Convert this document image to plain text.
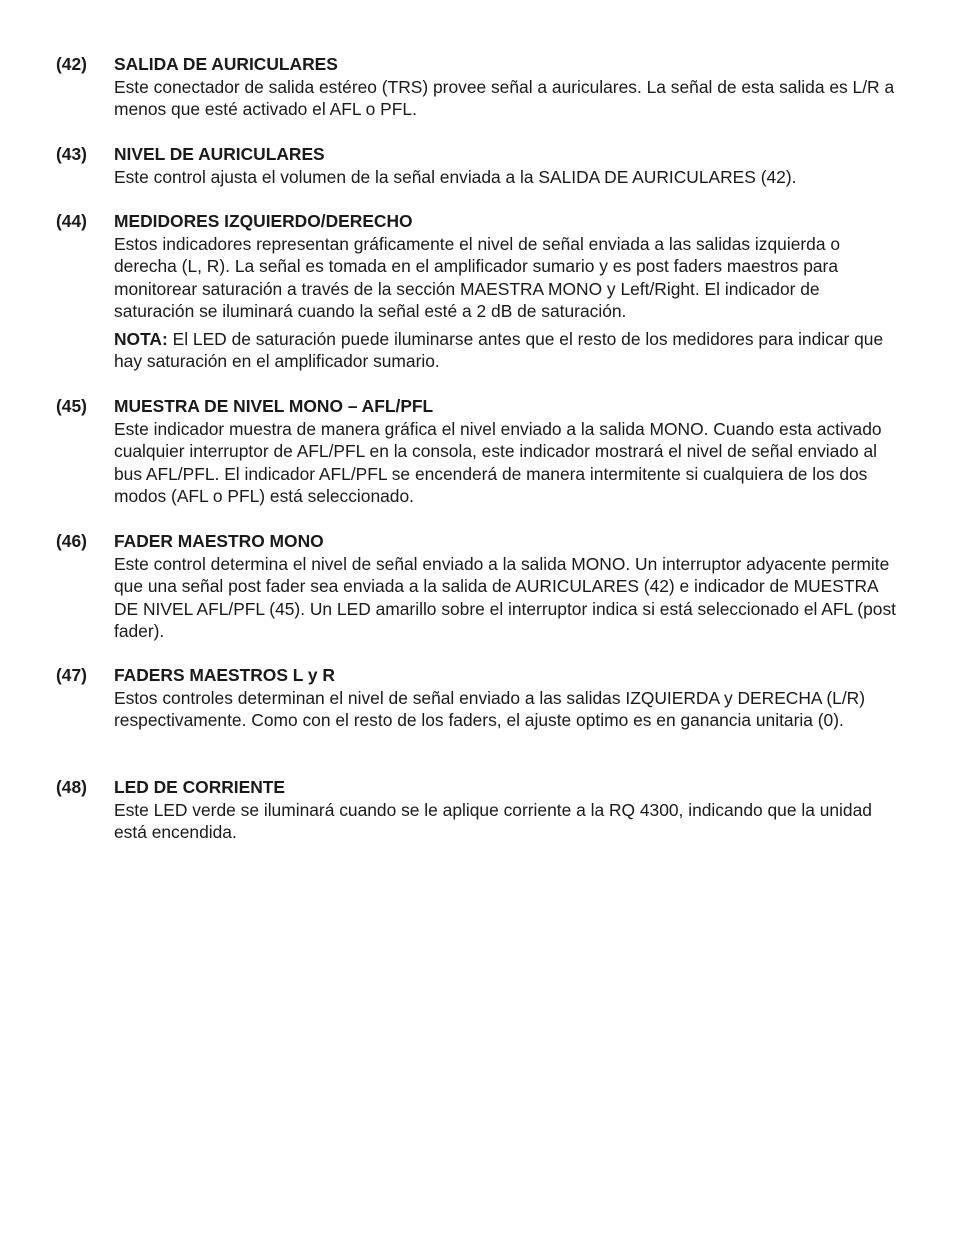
(42) SALIDA DE AURICULARES

Este conectador de salida estéreo (TRS) provee señal a auriculares. La señal de esta salida es L/R a menos que esté activado el AFL o PFL.

(43) NIVEL DE AURICULARES

Este control ajusta el volumen de la señal enviada a la SALIDA DE AURICULARES (42).

(44) MEDIDORES IZQUIERDO/DERECHO

Estos indicadores representan gráficamente el nivel de señal enviada a las salidas izquierda o derecha (L, R). La señal es tomada en el amplificador sumario y es post faders maestros para monitorear saturación a través de la sección MAESTRA MONO y Left/Right. El indicador de saturación se iluminará cuando la señal esté a 2 dB de saturación.

NOTA: El LED de saturación puede iluminarse antes que el resto de los medidores para indicar que hay saturación en el amplificador sumario.

(45) MUESTRA DE NIVEL MONO – AFL/PFL

Este indicador muestra de manera gráfica el nivel enviado a la salida MONO. Cuando esta activado cualquier interruptor de AFL/PFL en la consola, este indicador mostrará el nivel de señal enviado al bus AFL/PFL. El indicador AFL/PFL se encenderá de manera intermitente si cualquiera de los dos modos (AFL o PFL) está seleccionado.

(46) FADER MAESTRO MONO

Este control determina el nivel de señal enviado a la salida MONO. Un interruptor adyacente permite que una señal post fader sea enviada a la salida de AURICULARES (42) e indicador de MUESTRA DE NIVEL AFL/PFL (45). Un LED amarillo sobre el interruptor indica si está seleccionado el AFL (post fader).

(47) FADERS MAESTROS L y R

Estos controles determinan el nivel de señal enviado a las salidas IZQUIERDA y DERECHA (L/R) respectivamente. Como con el resto de los faders, el ajuste optimo es en ganancia unitaria (0).

(48) LED DE CORRIENTE

Este LED verde se iluminará cuando se le aplique corriente a la RQ 4300, indicando que la unidad está encendida.
